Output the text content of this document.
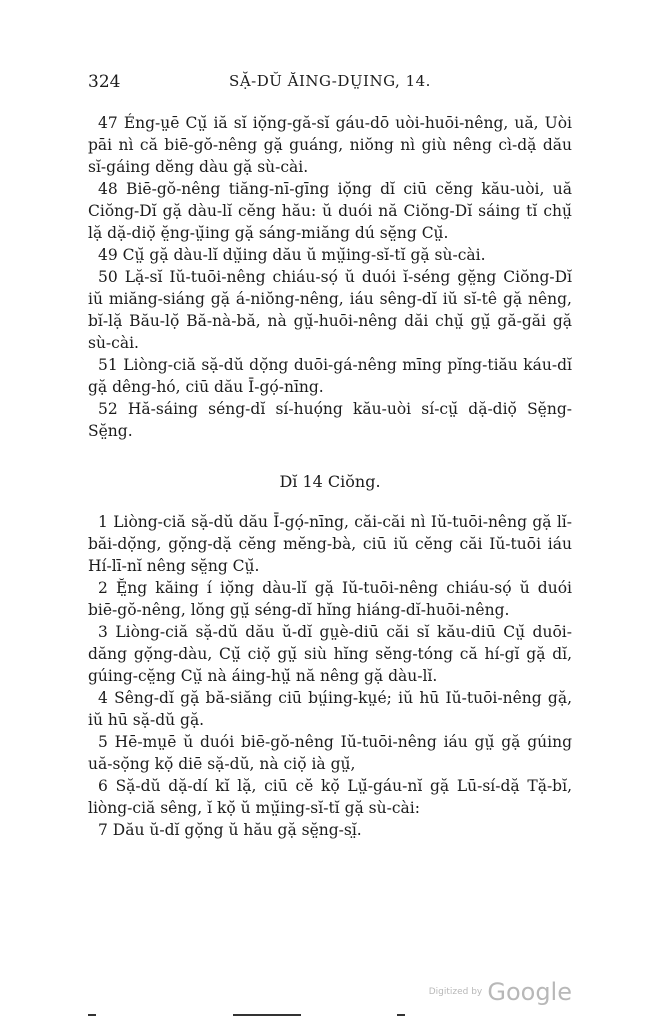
324	SẶ-DŬ ĂING-DṲING, 14.

47 Éng-ṳē Cṳ̆ iă sĭ iọ̆ng-gă-sĭ gáu-dō uòi-huōi-nêng, uă, Uòi pāi nì că biē-gŏ-nêng gặ guáng, niŏng nì giù nêng cì-dặ dău sĭ-gáing dĕng dàu gặ sù-cài.

48 Biē-gŏ-nêng tiăng-nī-gīng iọ̆ng dĭ ciū cĕng kău-uòi, uă Ciŏng-Dĭ gặ dàu-lĭ cĕng hău: ŭ duói nă Ciŏng-Dĭ sáing tĭ chṳ̆ lặ dặ-diọ̆ ĕ̤ng-ṳ̆ing gặ sáng-miăng dú sĕ̤ng Cṳ̆.

49 Cṳ̆ gặ dàu-lĭ dṳ̆ing dău ŭ mṳ̆ing-sĭ-tĭ gặ sù-cài.

50 Lặ-sĭ Iŭ-tuōi-nêng chiáu-sọ́ ŭ duói ĭ-séng gĕ̤ng Ciŏng-Dĭ iŭ miăng-siáng gặ á-niŏng-nêng, iáu sêng-dĭ iŭ sĭ-tê gặ nêng, bĭ-lặ Bău-lọ̆ Bă-nà-bă, nà gṳ̆-huōi-nêng dăi chṳ̆ gṳ̆ gă-găi gặ sù-cài.

51 Liòng-ciă sặ-dŭ dọ̆ng duōi-gá-nêng mīng pĭng-tiău káu-dĭ gặ dêng-hó, ciū dău Ī-gọ́-nīng.

52 Hă-sáing séng-dĭ sí-huọ́ng kău-uòi sí-cṳ̆ dặ-diọ̆ Sĕ̤ng-Sĕ̤ng.

Dĭ 14 Ciŏng.

1 Liòng-ciă sặ-dŭ dău Ī-gọ́-nīng, căi-căi nì Iŭ-tuōi-nêng gặ lĭ-băi-dọ̆ng, gọ̆ng-dặ cĕng mĕng-bà, ciū iŭ cĕng căi Iŭ-tuōi iáu Hí-lī-nĭ nêng sĕ̤ng Cṳ̆.

2 Ĕ̤ng kăing í iọ̆ng dàu-lĭ gặ Iŭ-tuōi-nêng chiáu-sọ́ ŭ duói biē-gŏ-nêng, lŏng gṳ̆ séng-dĭ hĭng hiáng-dĭ-huōi-nêng.

3 Liòng-ciă sặ-dŭ dău ŭ-dĭ gṳè-diū căi sĭ kău-diū Cṳ̆ duōi-dăng gọ̆ng-dàu, Cṳ̆ ciọ̆ gṳ̆ siù hĭng sĕng-tóng că hí-gĭ gặ dĭ, gúing-cĕ̤ng Cṳ̆ nà áing-hṳ̆ nă nêng gặ dàu-lĭ.

4 Sêng-dĭ gặ bă-siăng ciū bṳ́ing-kṳé; iŭ hū Iŭ-tuōi-nêng gặ, iŭ hū sặ-dŭ gặ.

5 Hē-mṳē ŭ duói biē-gŏ-nêng Iŭ-tuōi-nêng iáu gṳ̆ gặ gúing uă-sọ̆ng kọ̆ diē sặ-dŭ, nà ciọ̆ ià gṳ̆,

6 Sặ-dŭ dặ-dí kĭ lặ, ciū cĕ kọ̆ Lṳ̆-gáu-nĭ gặ Lū-sí-dặ Tặ-bĭ, liòng-ciă sêng, ĭ kọ̆ ŭ mṳ̆ing-sĭ-tĭ gặ sù-cài:

7 Dău ŭ-dĭ gọ̆ng ŭ hău gặ sĕ̤ng-sĭ̤.

Digitized by Google
